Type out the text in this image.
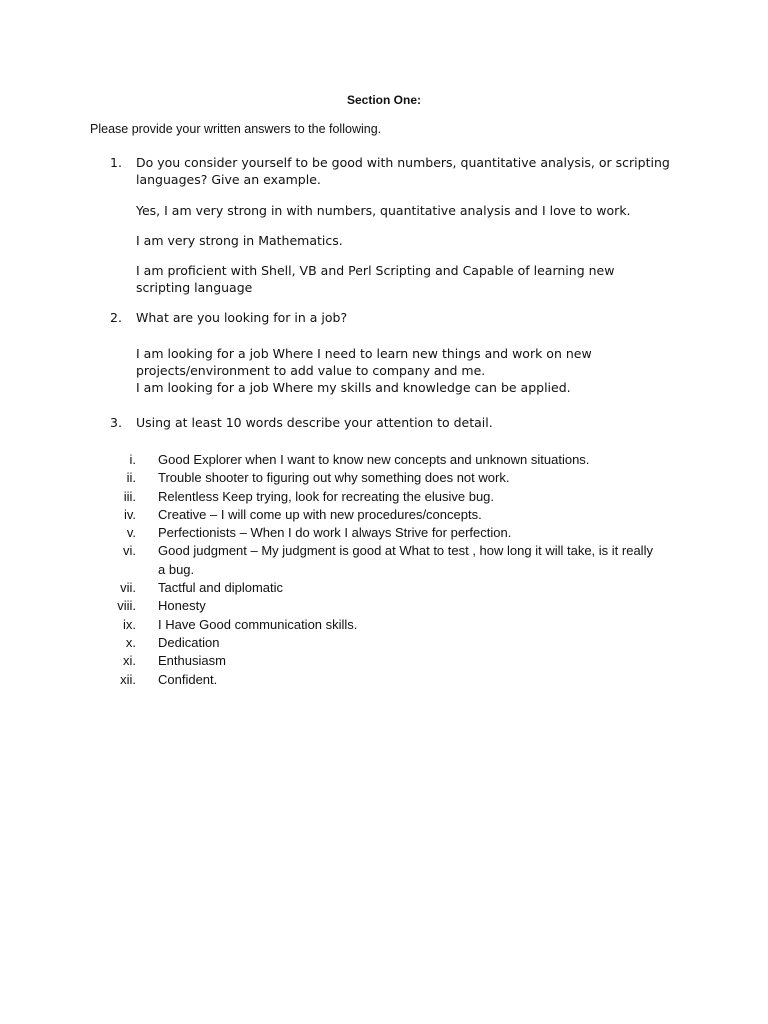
Section One:

Please provide your written answers to the following.

1.	Do you consider yourself to be good with numbers, quantitative analysis, or scripting languages? Give an example.

Yes, I am very strong in with numbers, quantitative analysis and I love to work.

I am very strong in Mathematics.

I am proficient with Shell, VB and Perl Scripting and Capable of learning new scripting language

2.	What are you looking for in a job?

I am looking for a job Where I need to learn new things and work on new projects/environment to add value to company and me.

I am looking for a job Where my skills and knowledge can be applied.

3.	Using at least 10 words describe your attention to detail.
i. Good Explorer when I want to know new concepts and unknown situations.
ii. Trouble shooter to figuring out why something does not work.
iii. Relentless Keep trying, look for recreating the elusive bug.
iv. Creative – I will come up with new procedures/concepts.
v. Perfectionists – When I do work I always Strive for perfection.
vi. Good judgment – My judgment is good at What to test , how long it will take, is it really a bug.
vii. Tactful and diplomatic
viii. Honesty
ix. I Have Good communication skills.
x. Dedication
xi. Enthusiasm
xii. Confident.
